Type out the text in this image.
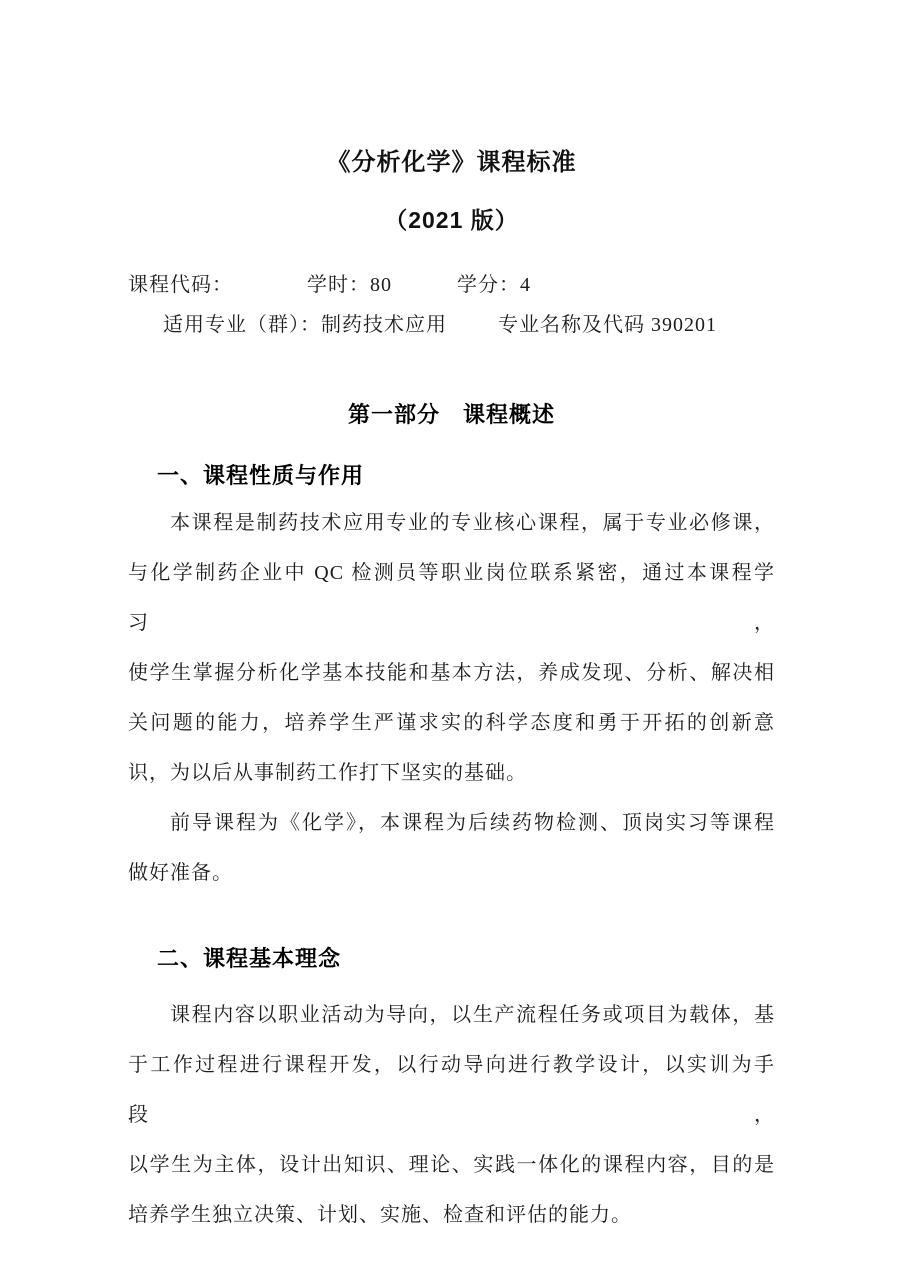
《分析化学》课程标准
（2021 版）
课程代码：	学时：80	学分：4
适用专业（群）：制药技术应用	专业名称及代码 390201
第一部分　课程概述
一、课程性质与作用
本课程是制药技术应用专业的专业核心课程，属于专业必修课，
与化学制药企业中 QC 检测员等职业岗位联系紧密，通过本课程学习，
使学生掌握分析化学基本技能和基本方法，养成发现、分析、解决相
关问题的能力，培养学生严谨求实的科学态度和勇于开拓的创新意
识，为以后从事制药工作打下坚实的基础。
前导课程为《化学》，本课程为后续药物检测、顶岗实习等课程
做好准备。
二、课程基本理念
课程内容以职业活动为导向，以生产流程任务或项目为载体，基
于工作过程进行课程开发，以行动导向进行教学设计，以实训为手段，
以学生为主体，设计出知识、理论、实践一体化的课程内容，目的是
培养学生独立决策、计划、实施、检查和评估的能力。
